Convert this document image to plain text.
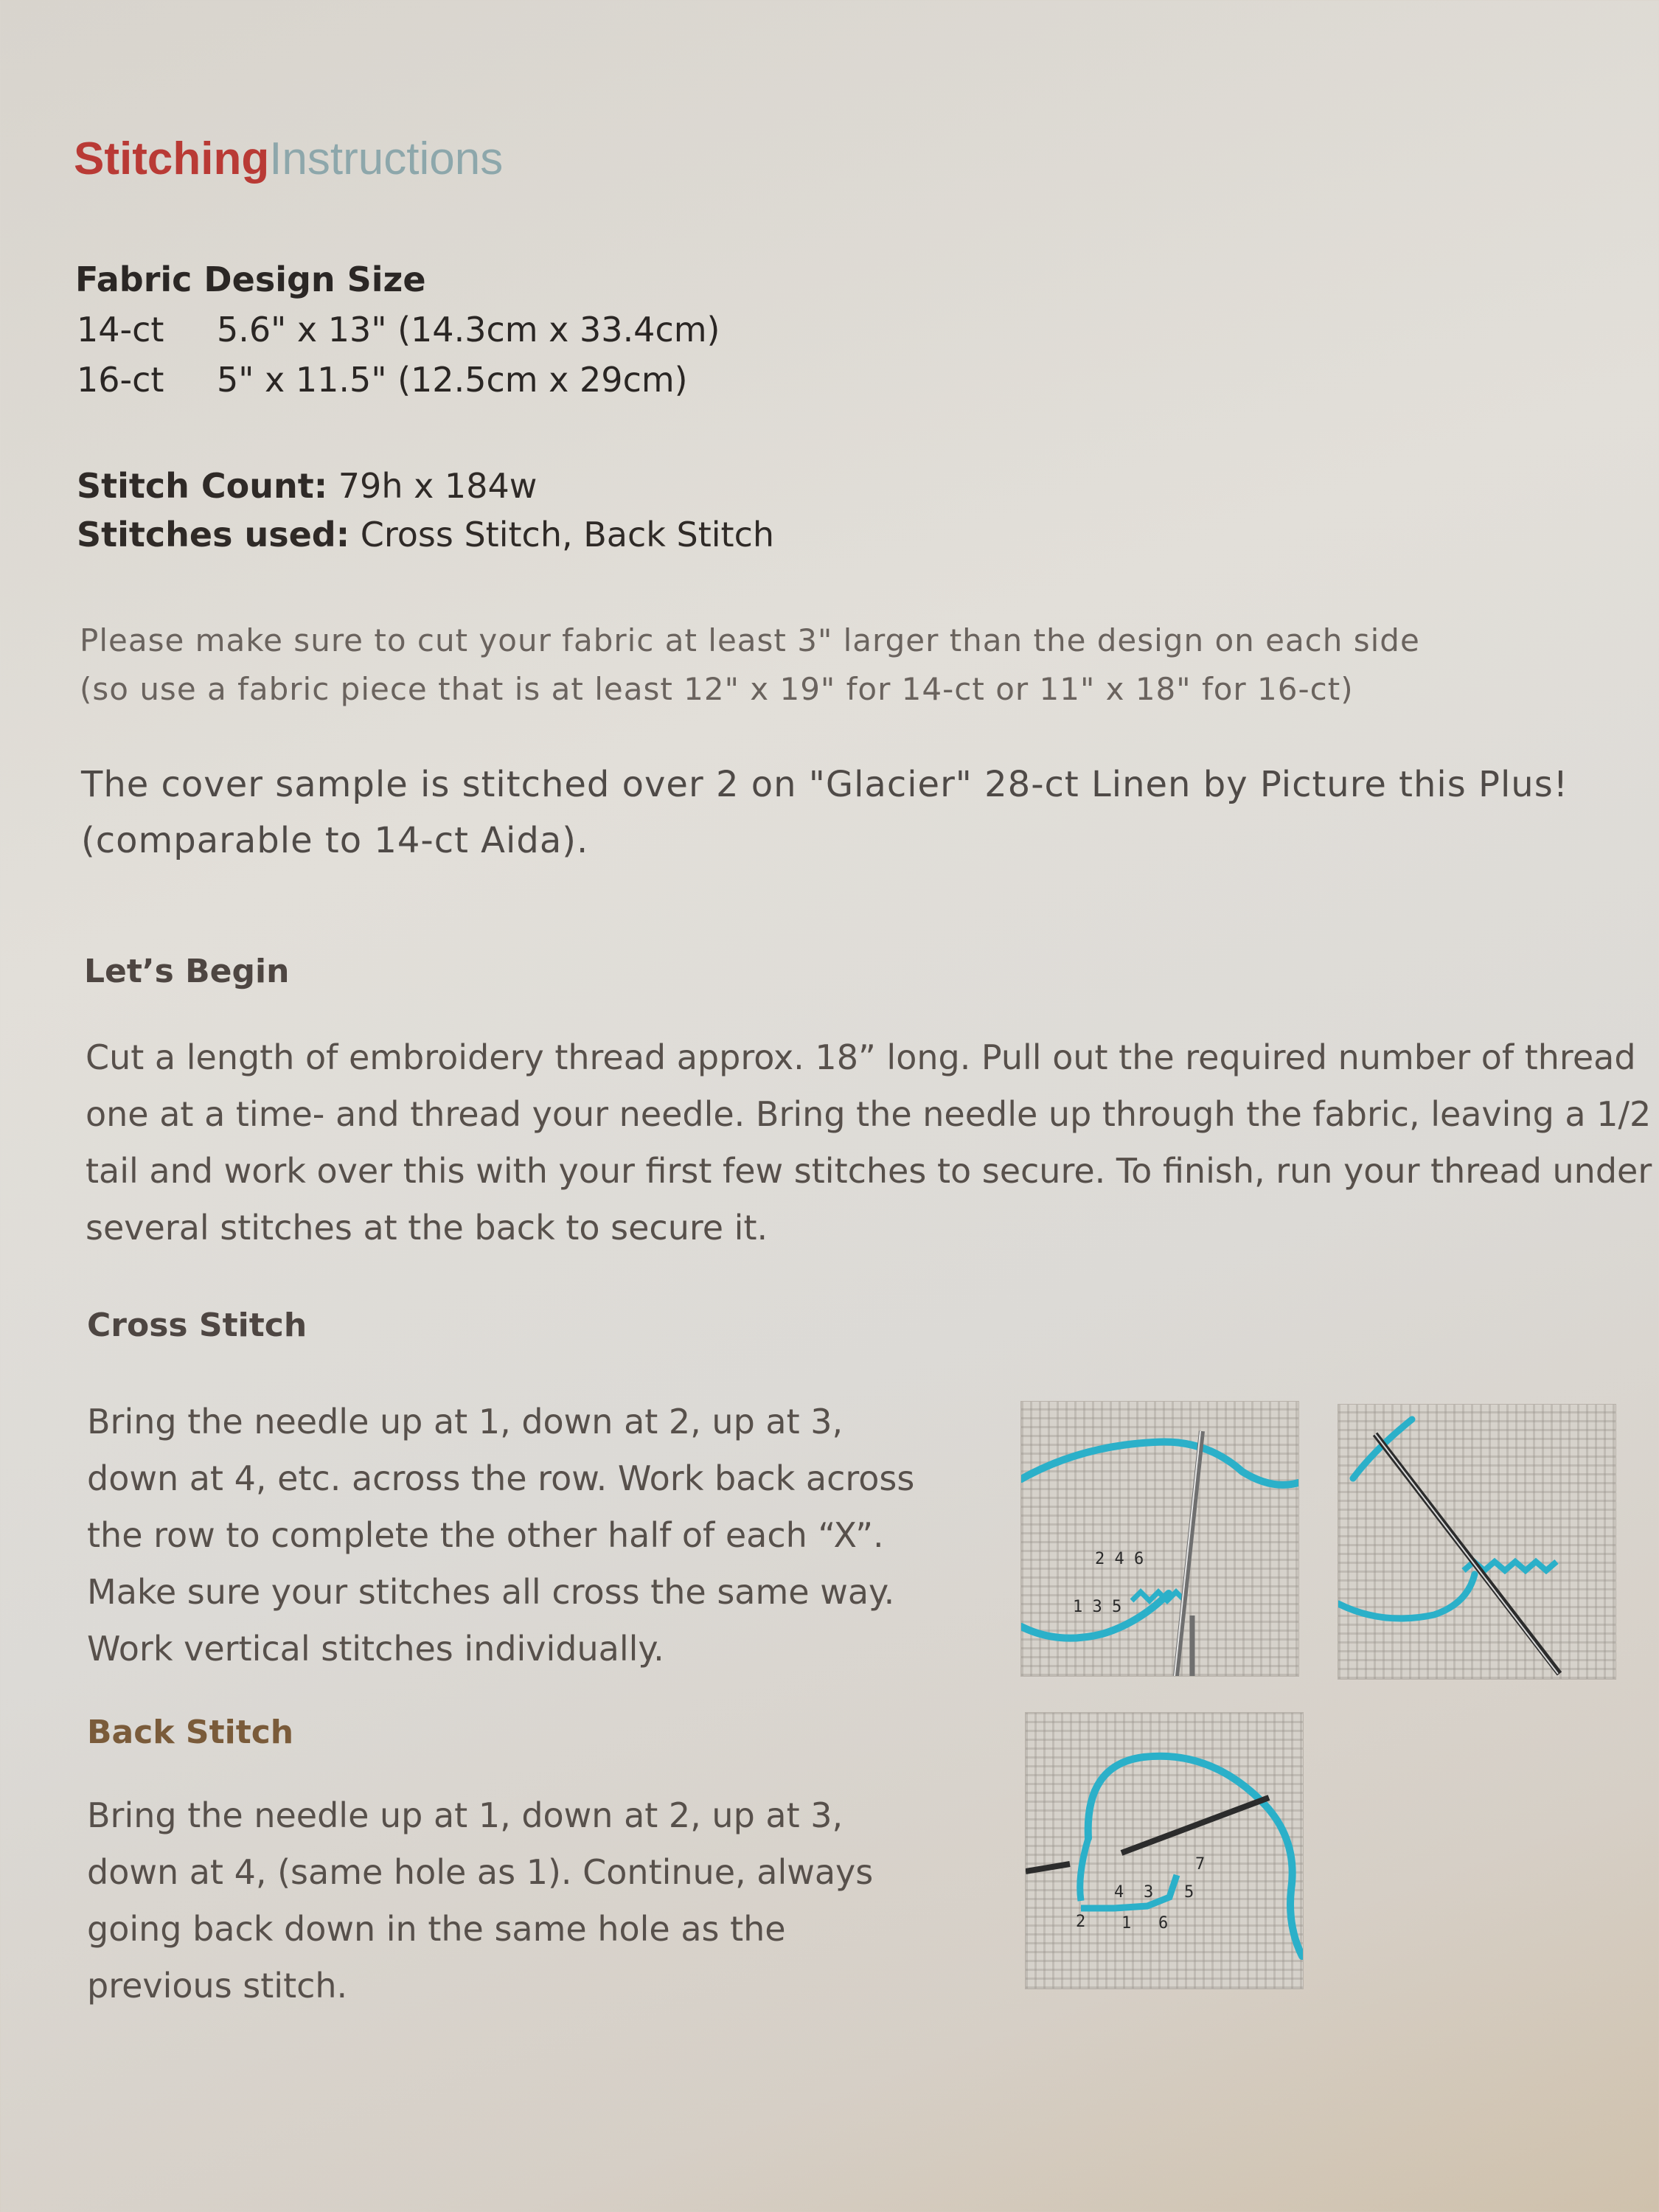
StitchingInstructions
Fabric Design Size
14-ct	5.6" x 13" (14.3cm x 33.4cm)
16-ct	5" x 11.5" (12.5cm x 29cm)
Stitch Count: 79h x 184w
Stitches used: Cross Stitch, Back Stitch
Please make sure to cut your fabric at least 3" larger than the design on each side
(so use a fabric piece that is at least 12" x 19" for 14-ct or 11" x 18" for 16-ct)
The cover sample is stitched over 2 on "Glacier" 28-ct Linen by Picture this Plus!
(comparable to 14-ct Aida).
Let’s Begin
Cut a length of embroidery thread approx. 18” long. Pull out the required number of thread
one at a time- and thread your needle. Bring the needle up through the fabric, leaving a 1/2
tail and work over this with your first few stitches to secure. To finish, run your thread under
several stitches at the back to secure it.
Cross Stitch
Bring the needle up at 1, down at 2, up at 3,
down at 4, etc. across the row. Work back across
the row to complete the other half of each “X”.
Make sure your stitches all cross the same way.
Work vertical stitches individually.
2 4 6
1 3 5
Back Stitch
Bring the needle up at 1, down at 2, up at 3,
down at 4, (same hole as 1). Continue, always
going back down in the same hole as the
previous stitch.
7
4 3 5
2 1 6
